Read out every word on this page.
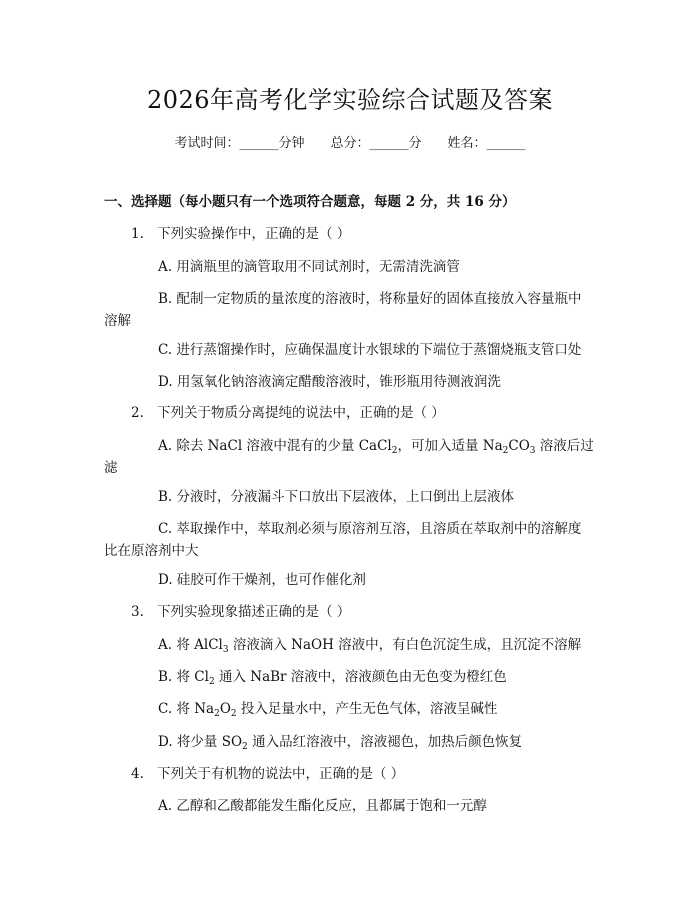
2026年高考化学实验综合试题及答案
考试时间：______分钟 总分：______分 姓名：______
一、选择题（每小题只有一个选项符合题意，每题 2 分，共 16 分）
1. 下列实验操作中，正确的是（ ）
A. 用滴瓶里的滴管取用不同试剂时，无需清洗滴管
B. 配制一定物质的量浓度的溶液时，将称量好的固体直接放入容量瓶中
溶解
C. 进行蒸馏操作时，应确保温度计水银球的下端位于蒸馏烧瓶支管口处
D. 用氢氧化钠溶液滴定醋酸溶液时，锥形瓶用待测液润洗
2. 下列关于物质分离提纯的说法中，正确的是（ ）
A. 除去 NaCl 溶液中混有的少量 CaCl$_2$，可加入适量 $Na_2CO_3$ 溶液后过
滤
B. 分液时，分液漏斗下口放出下层液体，上口倒出上层液体
C. 萃取操作中，萃取剂必须与原溶剂互溶，且溶质在萃取剂中的溶解度
比在原溶剂中大
D. 硅胶可作干燥剂，也可作催化剂
3. 下列实验现象描述正确的是（ ）
A. 将 AlCl$_3$ 溶液滴入 NaOH 溶液中，有白色沉淀生成，且沉淀不溶解
B. 将 $Cl_2$ 通入 NaBr 溶液中，溶液颜色由无色变为橙红色
C. 将 $Na_2O_2$ 投入足量水中，产生无色气体，溶液呈碱性
D. 将少量 $SO_2$ 通入品红溶液中，溶液褪色，加热后颜色恢复
4. 下列关于有机物的说法中，正确的是（ ）
A. 乙醇和乙酸都能发生酯化反应，且都属于饱和一元醇
